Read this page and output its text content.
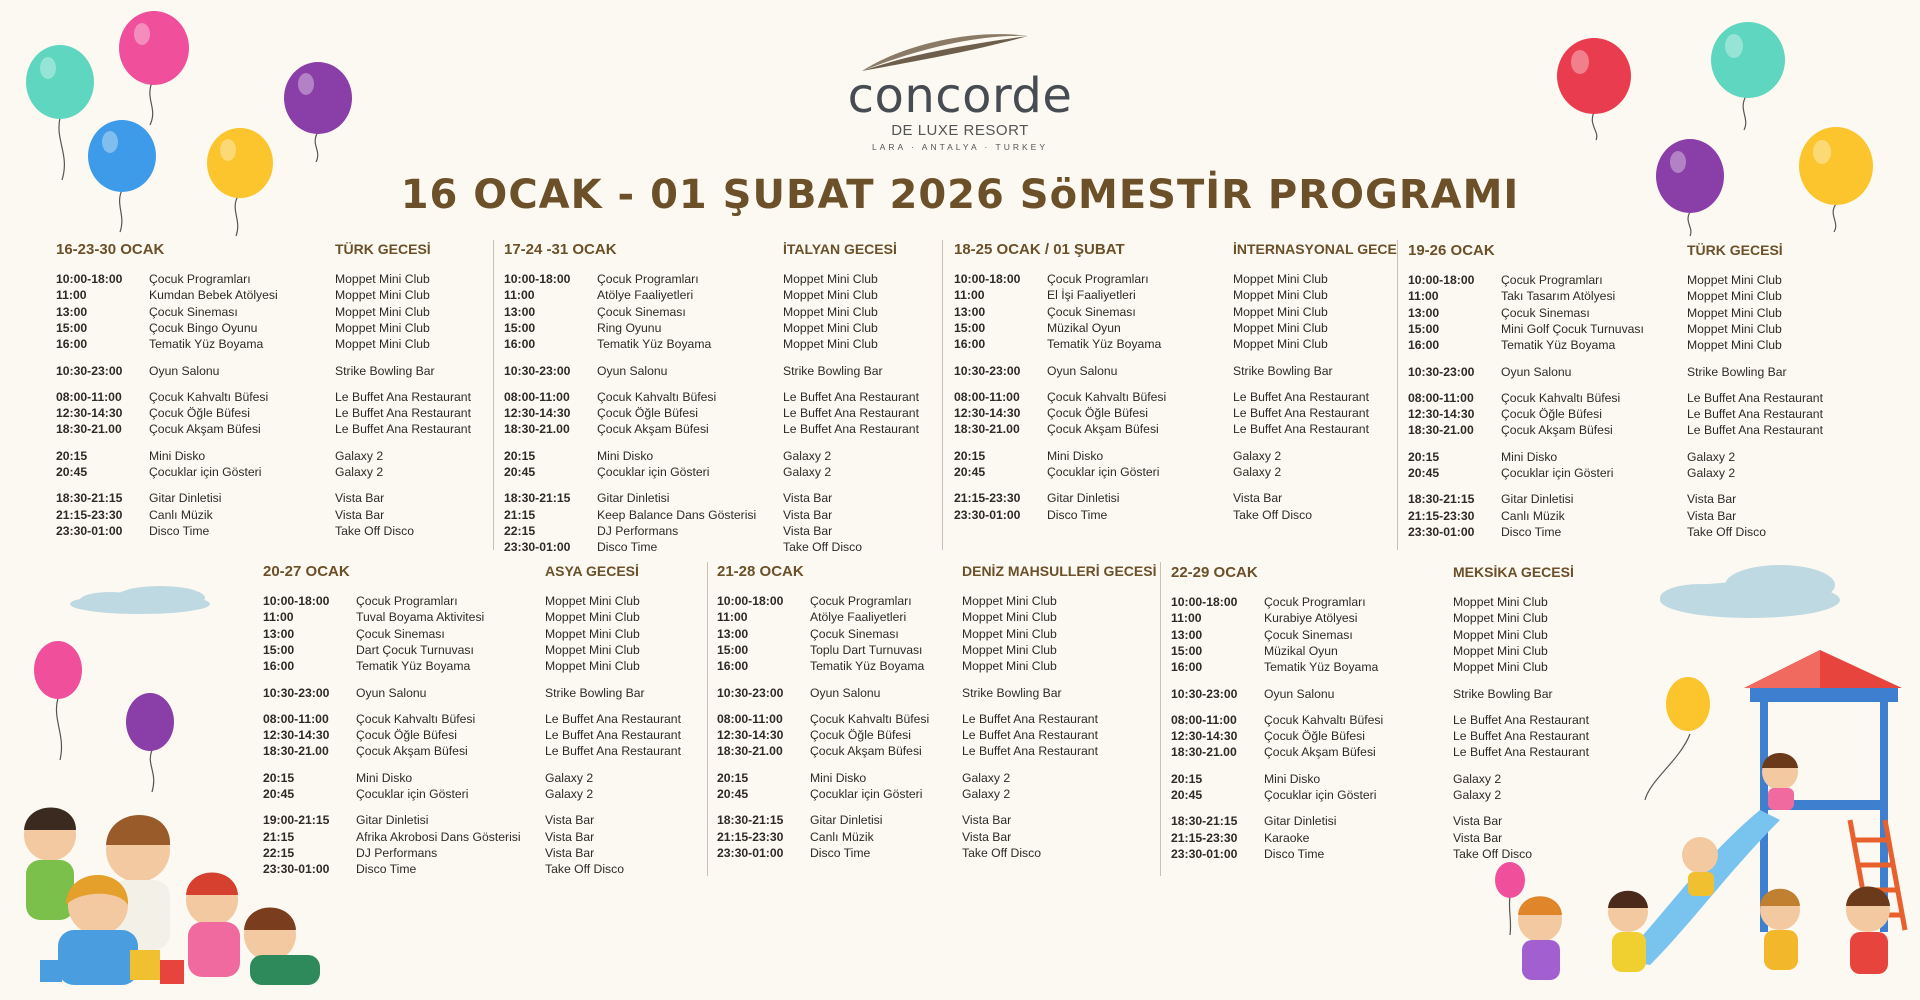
concorde
DE LUXE RESORT
LARA · ANTALYA · TURKEY
16 OCAK - 01 ŞUBAT 2026 SöMESTİR PROGRAMI
16-23-30 OCAK	TÜRK GECESİ
10:00-18:00	Çocuk Programları	Moppet Mini Club
11:00	Kumdan Bebek Atölyesi	Moppet Mini Club
13:00	Çocuk Sineması	Moppet Mini Club
15:00	Çocuk Bingo Oyunu	Moppet Mini Club
16:00	Tematik Yüz Boyama	Moppet Mini Club
10:30-23:00	Oyun Salonu	Strike Bowling Bar
08:00-11:00	Çocuk Kahvaltı Büfesi	Le Buffet Ana Restaurant
12:30-14:30	Çocuk Öğle Büfesi	Le Buffet Ana Restaurant
18:30-21.00	Çocuk Akşam Büfesi	Le Buffet Ana Restaurant
20:15	Mini Disko	Galaxy 2
20:45	Çocuklar için Gösteri	Galaxy 2
18:30-21:15	Gitar Dinletisi	Vista Bar
21:15-23:30	Canlı Müzik	Vista Bar
23:30-01:00	Disco Time	Take Off Disco
17-24 -31 OCAK	İTALYAN GECESİ
10:00-18:00	Çocuk Programları	Moppet Mini Club
11:00	Atölye Faaliyetleri	Moppet Mini Club
13:00	Çocuk Sineması	Moppet Mini Club
15:00	Ring Oyunu	Moppet Mini Club
16:00	Tematik Yüz Boyama	Moppet Mini Club
10:30-23:00	Oyun Salonu	Strike Bowling Bar
08:00-11:00	Çocuk Kahvaltı Büfesi	Le Buffet Ana Restaurant
12:30-14:30	Çocuk Öğle Büfesi	Le Buffet Ana Restaurant
18:30-21.00	Çocuk Akşam Büfesi	Le Buffet Ana Restaurant
20:15	Mini Disko	Galaxy 2
20:45	Çocuklar için Gösteri	Galaxy 2
18:30-21:15	Gitar Dinletisi	Vista Bar
21:15	Keep Balance Dans Gösterisi	Vista Bar
22:15	DJ Performans	Vista Bar
23:30-01:00	Disco Time	Take Off Disco
18-25 OCAK / 01 ŞUBAT	İNTERNASYONAL GECE
10:00-18:00	Çocuk Programları	Moppet Mini Club
11:00	El İşi Faaliyetleri	Moppet Mini Club
13:00	Çocuk Sineması	Moppet Mini Club
15:00	Müzikal Oyun	Moppet Mini Club
16:00	Tematik Yüz Boyama	Moppet Mini Club
10:30-23:00	Oyun Salonu	Strike Bowling Bar
08:00-11:00	Çocuk Kahvaltı Büfesi	Le Buffet Ana Restaurant
12:30-14:30	Çocuk Öğle Büfesi	Le Buffet Ana Restaurant
18:30-21.00	Çocuk Akşam Büfesi	Le Buffet Ana Restaurant
20:15	Mini Disko	Galaxy 2
20:45	Çocuklar için Gösteri	Galaxy 2
21:15-23:30	Gitar Dinletisi	Vista Bar
23:30-01:00	Disco Time	Take Off Disco
19-26 OCAK	TÜRK GECESİ
10:00-18:00	Çocuk Programları	Moppet Mini Club
11:00	Takı Tasarım Atölyesi	Moppet Mini Club
13:00	Çocuk Sineması	Moppet Mini Club
15:00	Mini Golf Çocuk Turnuvası	Moppet Mini Club
16:00	Tematik Yüz Boyama	Moppet Mini Club
10:30-23:00	Oyun Salonu	Strike Bowling Bar
08:00-11:00	Çocuk Kahvaltı Büfesi	Le Buffet Ana Restaurant
12:30-14:30	Çocuk Öğle Büfesi	Le Buffet Ana Restaurant
18:30-21.00	Çocuk Akşam Büfesi	Le Buffet Ana Restaurant
20:15	Mini Disko	Galaxy 2
20:45	Çocuklar için Gösteri	Galaxy 2
18:30-21:15	Gitar Dinletisi	Vista Bar
21:15-23:30	Canlı Müzik	Vista Bar
23:30-01:00	Disco Time	Take Off Disco
20-27 OCAK	ASYA GECESİ
10:00-18:00	Çocuk Programları	Moppet Mini Club
11:00	Tuval Boyama Aktivitesi	Moppet Mini Club
13:00	Çocuk Sineması	Moppet Mini Club
15:00	Dart Çocuk Turnuvası	Moppet Mini Club
16:00	Tematik Yüz Boyama	Moppet Mini Club
10:30-23:00	Oyun Salonu	Strike Bowling Bar
08:00-11:00	Çocuk Kahvaltı Büfesi	Le Buffet Ana Restaurant
12:30-14:30	Çocuk Öğle Büfesi	Le Buffet Ana Restaurant
18:30-21.00	Çocuk Akşam Büfesi	Le Buffet Ana Restaurant
20:15	Mini Disko	Galaxy 2
20:45	Çocuklar için Gösteri	Galaxy 2
19:00-21:15	Gitar Dinletisi	Vista Bar
21:15	Afrika Akrobosi Dans Gösterisi	Vista Bar
22:15	DJ Performans	Vista Bar
23:30-01:00	Disco Time	Take Off Disco
21-28 OCAK	DENİZ MAHSULLERİ GECESİ
10:00-18:00	Çocuk Programları	Moppet Mini Club
11:00	Atölye Faaliyetleri	Moppet Mini Club
13:00	Çocuk Sineması	Moppet Mini Club
15:00	Toplu Dart Turnuvası	Moppet Mini Club
16:00	Tematik Yüz Boyama	Moppet Mini Club
10:30-23:00	Oyun Salonu	Strike Bowling Bar
08:00-11:00	Çocuk Kahvaltı Büfesi	Le Buffet Ana Restaurant
12:30-14:30	Çocuk Öğle Büfesi	Le Buffet Ana Restaurant
18:30-21.00	Çocuk Akşam Büfesi	Le Buffet Ana Restaurant
20:15	Mini Disko	Galaxy 2
20:45	Çocuklar için Gösteri	Galaxy 2
18:30-21:15	Gitar Dinletisi	Vista Bar
21:15-23:30	Canlı Müzik	Vista Bar
23:30-01:00	Disco Time	Take Off Disco
22-29 OCAK	MEKSİKA GECESİ
10:00-18:00	Çocuk Programları	Moppet Mini Club
11:00	Kurabiye Atölyesi	Moppet Mini Club
13:00	Çocuk Sineması	Moppet Mini Club
15:00	Müzikal Oyun	Moppet Mini Club
16:00	Tematik Yüz Boyama	Moppet Mini Club
10:30-23:00	Oyun Salonu	Strike Bowling Bar
08:00-11:00	Çocuk Kahvaltı Büfesi	Le Buffet Ana Restaurant
12:30-14:30	Çocuk Öğle Büfesi	Le Buffet Ana Restaurant
18:30-21.00	Çocuk Akşam Büfesi	Le Buffet Ana Restaurant
20:15	Mini Disko	Galaxy 2
20:45	Çocuklar için Gösteri	Galaxy 2
18:30-21:15	Gitar Dinletisi	Vista Bar
21:15-23:30	Karaoke	Vista Bar
23:30-01:00	Disco Time	Take Off Disco
